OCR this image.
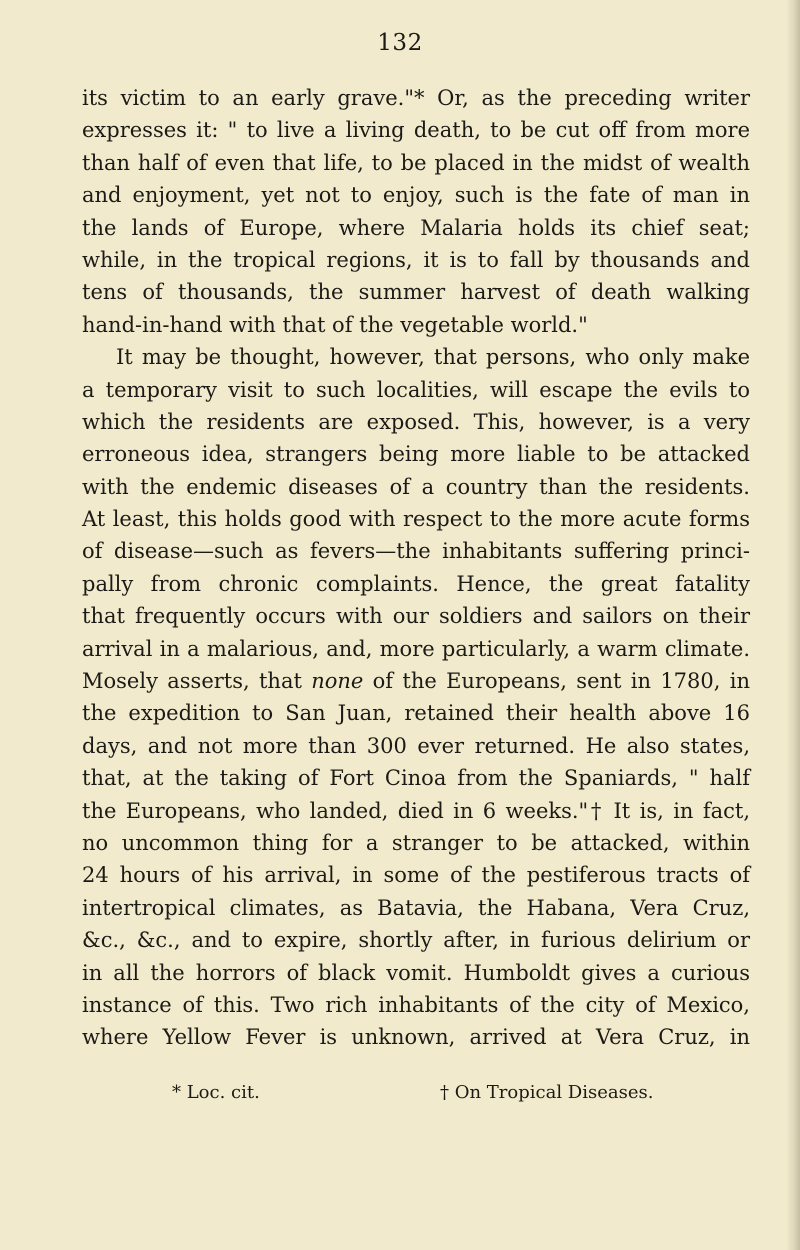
132
its victim to an early grave."* Or, as the preceding writer
expresses it: " to live a living death, to be cut off from more
than half of even that life, to be placed in the midst of wealth
and enjoyment, yet not to enjoy, such is the fate of man in
the lands of Europe, where Malaria holds its chief seat;
while, in the tropical regions, it is to fall by thousands and
tens of thousands, the summer harvest of death walking
hand-in-hand with that of the vegetable world."
It may be thought, however, that persons, who only make
a temporary visit to such localities, will escape the evils to
which the residents are exposed. This, however, is a very
erroneous idea, strangers being more liable to be attacked
with the endemic diseases of a country than the residents.
At least, this holds good with respect to the more acute forms
of disease—such as fevers—the inhabitants suffering princi-
pally from chronic complaints. Hence, the great fatality
that frequently occurs with our soldiers and sailors on their
arrival in a malarious, and, more particularly, a warm climate.
Mosely asserts, that none of the Europeans, sent in 1780, in
the expedition to San Juan, retained their health above 16
days, and not more than 300 ever returned. He also states,
that, at the taking of Fort Cinoa from the Spaniards, " half
the Europeans, who landed, died in 6 weeks."† It is, in fact,
no uncommon thing for a stranger to be attacked, within
24 hours of his arrival, in some of the pestiferous tracts of
intertropical climates, as Batavia, the Habana, Vera Cruz,
&c., &c., and to expire, shortly after, in furious delirium or
in all the horrors of black vomit. Humboldt gives a curious
instance of this. Two rich inhabitants of the city of Mexico,
where Yellow Fever is unknown, arrived at Vera Cruz, in
* Loc. cit.	† On Tropical Diseases.
